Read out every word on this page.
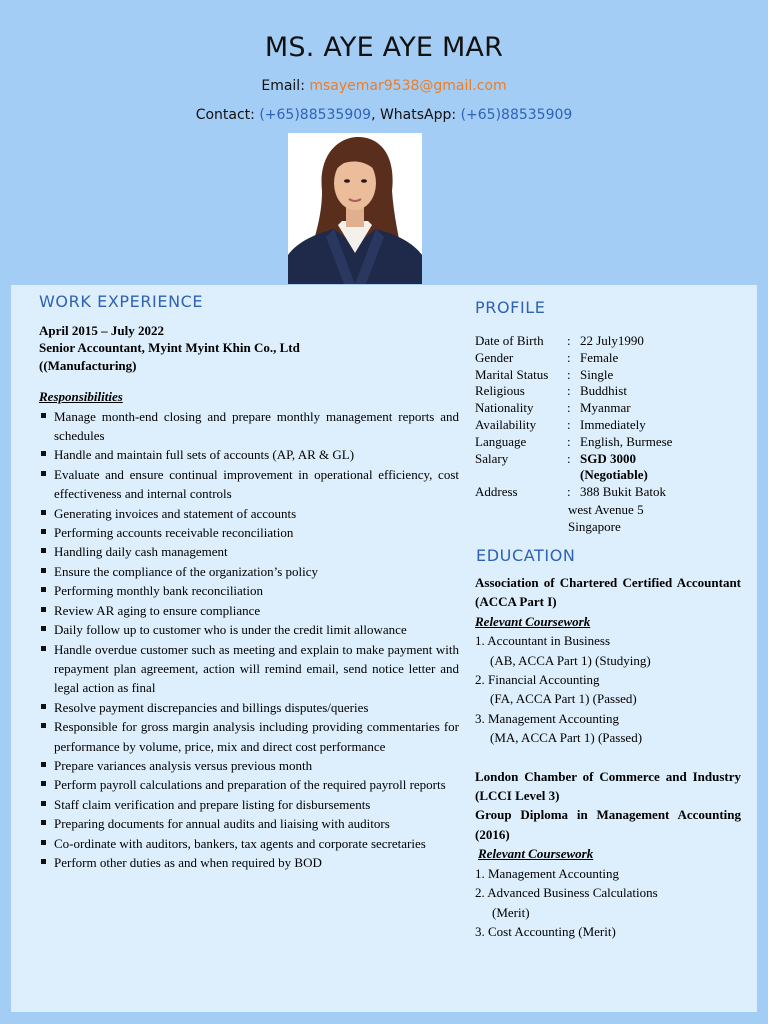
MS. AYE AYE MAR
Email: msayemar9538@gmail.com
Contact: (+65)88535909, WhatsApp: (+65)88535909
WORK EXPERIENCE
April 2015 – July 2022
Senior Accountant, Myint Myint Khin Co., Ltd
((Manufacturing)
Responsibilities
Manage month-end closing and prepare monthly management reports and schedules
Handle and maintain full sets of accounts (AP, AR & GL)
Evaluate and ensure continual improvement in operational efficiency, cost effectiveness and internal controls
Generating invoices and statement of accounts
Performing accounts receivable reconciliation
Handling daily cash management
Ensure the compliance of the organization’s policy
Performing monthly bank reconciliation
Review AR aging to ensure compliance
Daily follow up to customer who is under the credit limit allowance
Handle overdue customer such as meeting and explain to make payment with repayment plan agreement, action will remind email, send notice letter and legal action as final
Resolve payment discrepancies and billings disputes/queries
Responsible for gross margin analysis including providing commentaries for performance by volume, price, mix and direct cost performance
Prepare variances analysis versus previous month
Perform payroll calculations and preparation of the required payroll reports
Staff claim verification and prepare listing for disbursements
Preparing documents for annual audits and liaising with auditors
Co-ordinate with auditors, bankers, tax agents and corporate secretaries
Perform other duties as and when required by BOD
PROFILE
Date of Birth	:	22 July1990
Gender	:	Female
Marital Status	:	Single
Religious	:	Buddhist
Nationality	:	Myanmar
Availability	:	Immediately
Language	:	English, Burmese
Salary	:	SGD 3000
(Negotiable)

Address	:	388 Bukit Batok
west Avenue 5
Singapore
EDUCATION
Association of Chartered Certified Accountant (ACCA Part I)
Relevant Coursework
1. Accountant in Business
(AB, ACCA Part 1) (Studying)
2. Financial Accounting
(FA, ACCA Part 1) (Passed)
3. Management Accounting
(MA, ACCA Part 1) (Passed)
London Chamber of Commerce and Industry (LCCI Level 3)
Group Diploma in Management Accounting (2016)
Relevant Coursework
1. Management Accounting
2. Advanced Business Calculations
(Merit)
3. Cost Accounting (Merit)
